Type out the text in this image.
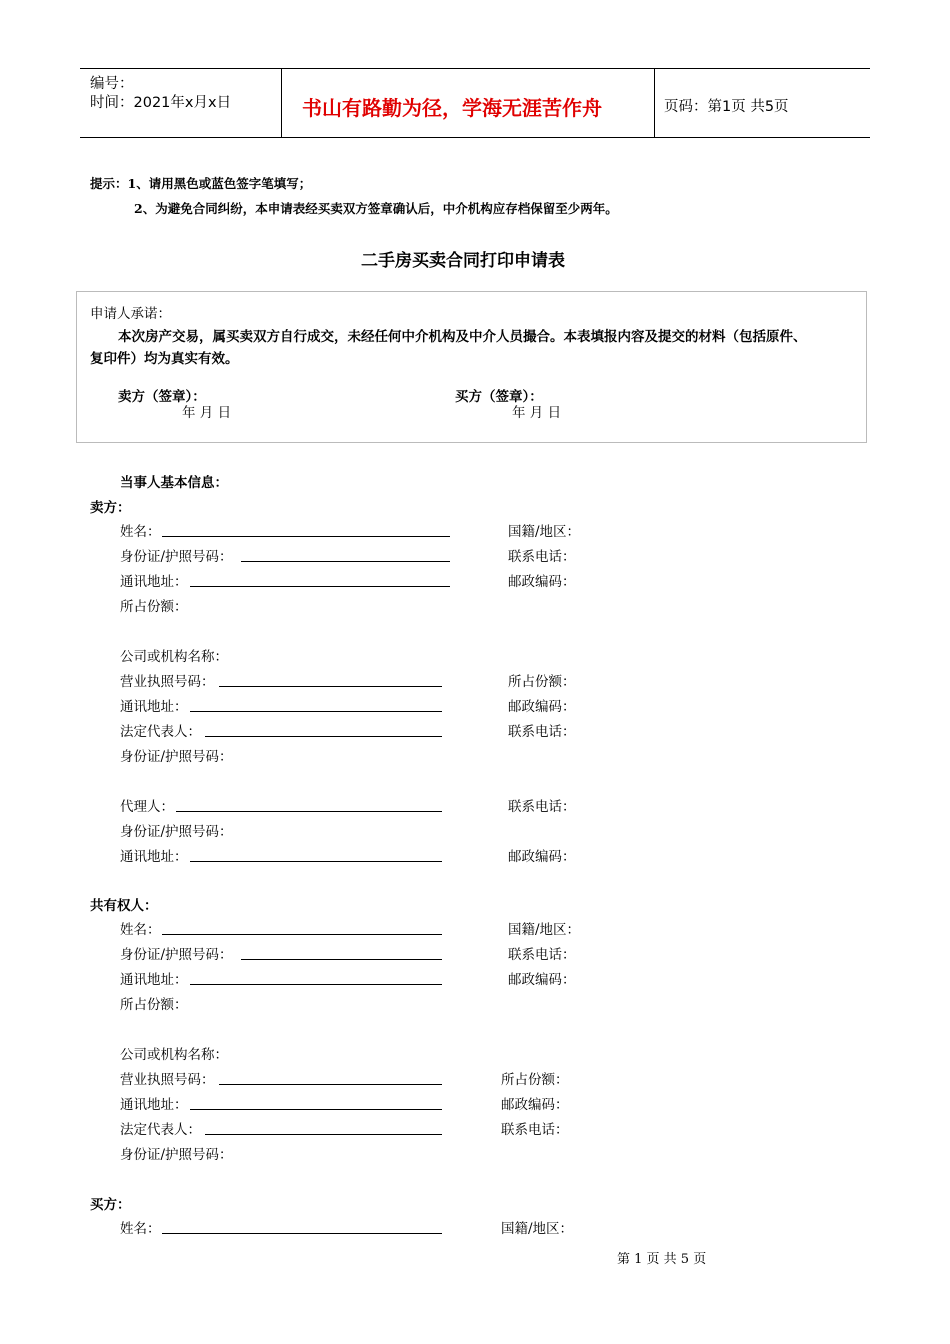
编号：
时间：2021年x月x日	书山有路勤为径，学海无涯苦作舟	页码：第1页 共5页
提示：1、请用黑色或蓝色签字笔填写；
2、为避免合同纠纷，本申请表经买卖双方签章确认后，中介机构应存档保留至少两年。
二手房买卖合同打印申请表
申请人承诺：
本次房产交易，属买卖双方自行成交，未经任何中介机构及中介人员撮合。本表填报内容及提交的材料（包括原件、
复印件）均为真实有效。
卖方（签章）：
年 月 日
买方（签章）：
年 月 日
当事人基本信息：
卖方：
姓名：	国籍/地区：
身份证/护照号码：	联系电话：
通讯地址：	邮政编码：
所占份额：
公司或机构名称：
营业执照号码：	所占份额：
通讯地址：	邮政编码：
法定代表人：	联系电话：
身份证/护照号码：
代理人：	联系电话：
身份证/护照号码：
通讯地址：	邮政编码：
共有权人：
姓名：	国籍/地区：
身份证/护照号码：	联系电话：
通讯地址：	邮政编码：
所占份额：
公司或机构名称：
营业执照号码：	所占份额：
通讯地址：	邮政编码：
法定代表人：	联系电话：
身份证/护照号码：
买方：
姓名：	国籍/地区：
第 1 页 共 5 页
